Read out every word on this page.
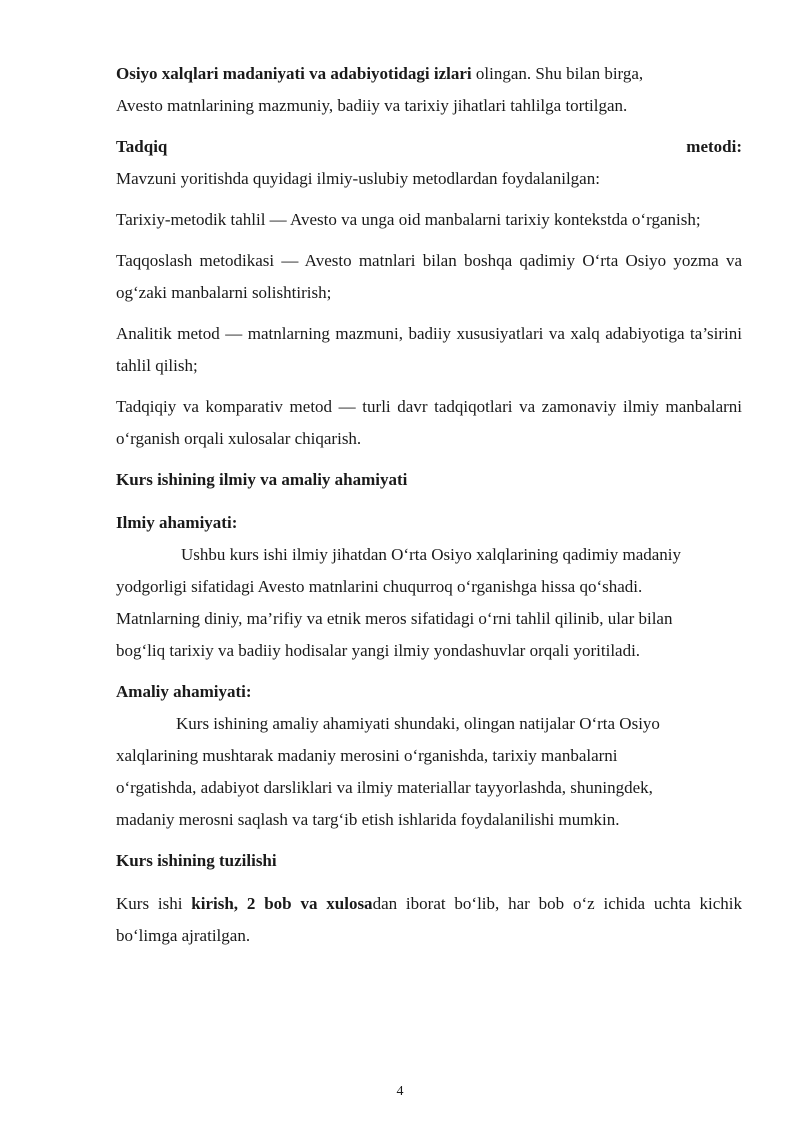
Osiyo xalqlari madaniyati va adabiyotidagi izlari olingan. Shu bilan birga,

Avesto matnlarining mazmuniy, badiiy va tarixiy jihatlari tahlilga tortilgan.

Tadqiq	metodi:

Mavzuni yoritishda quyidagi ilmiy-uslubiy metodlardan foydalanilgan:

Tarixiy-metodik tahlil — Avesto va unga oid manbalarni tarixiy kontekstda o‘rganish;

Taqqoslash metodikasi — Avesto matnlari bilan boshqa qadimiy O‘rta Osiyo yozma va og‘zaki manbalarni solishtirish;

Analitik metod — matnlarning mazmuni, badiiy xususiyatlari va xalq adabiyotiga ta’sirini tahlil qilish;

Tadqiqiy va komparativ metod — turli davr tadqiqotlari va zamonaviy ilmiy manbalarni o‘rganish orqali xulosalar chiqarish.

Kurs ishining ilmiy va amaliy ahamiyati

Ilmiy ahamiyati:

Ushbu kurs ishi ilmiy jihatdan O‘rta Osiyo xalqlarining qadimiy madaniy

yodgorligi sifatidagi Avesto matnlarini chuqurroq o‘rganishga hissa qo‘shadi.

Matnlarning diniy, ma’rifiy va etnik meros sifatidagi o‘rni tahlil qilinib, ular bilan

bog‘liq tarixiy va badiiy hodisalar yangi ilmiy yondashuvlar orqali yoritiladi.

Amaliy ahamiyati:

Kurs ishining amaliy ahamiyati shundaki, olingan natijalar O‘rta Osiyo

xalqlarining mushtarak madaniy merosini o‘rganishda, tarixiy manbalarni

o‘rgatishda, adabiyot darsliklari va ilmiy materiallar tayyorlashda, shuningdek,

madaniy merosni saqlash va targ‘ib etish ishlarida foydalanilishi mumkin.

Kurs ishining tuzilishi

Kurs ishi kirish, 2 bob va xulosadan iborat bo‘lib, har bob o‘z ichida uchta kichik bo‘limga ajratilgan.

4
